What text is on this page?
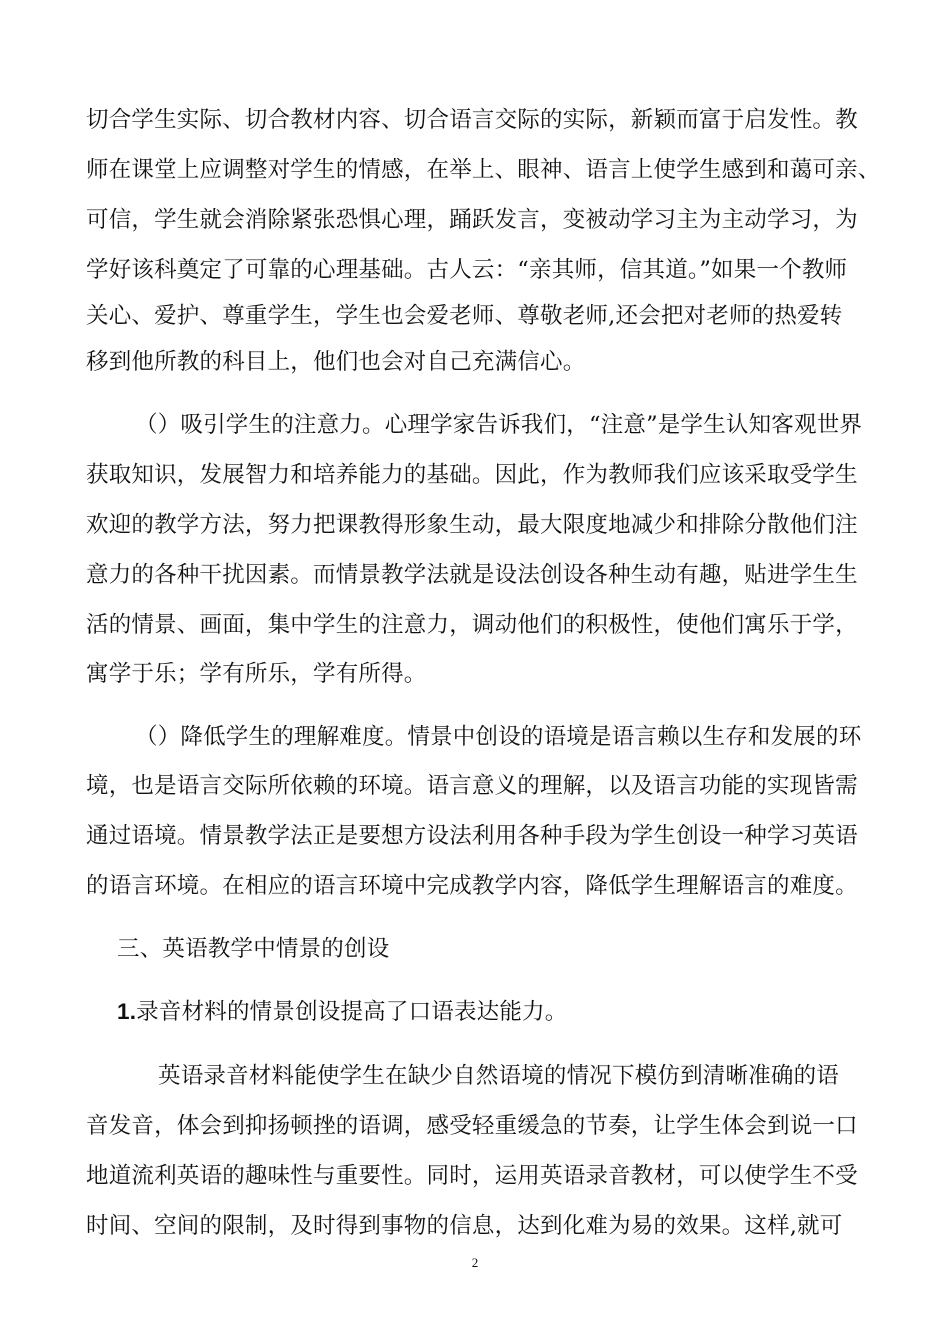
切合学生实际、切合教材内容、切合语言交际的实际，新颖而富于启发性。教
师在课堂上应调整对学生的情感，在举上、眼神、语言上使学生感到和蔼可亲、
可信，学生就会消除紧张恐惧心理，踊跃发言，变被动学习主为主动学习，为
学好该科奠定了可靠的心理基础。古人云：“亲其师，信其道。”如果一个教师
关心、爱护、尊重学生，学生也会爱老师、尊敬老师,还会把对老师的热爱转
移到他所教的科目上，他们也会对自己充满信心。
（）吸引学生的注意力。心理学家告诉我们，“注意”是学生认知客观世界
获取知识，发展智力和培养能力的基础。因此，作为教师我们应该采取受学生
欢迎的教学方法，努力把课教得形象生动，最大限度地减少和排除分散他们注
意力的各种干扰因素。而情景教学法就是设法创设各种生动有趣，贴进学生生
活的情景、画面，集中学生的注意力，调动他们的积极性，使他们寓乐于学，
寓学于乐；学有所乐，学有所得。
（）降低学生的理解难度。情景中创设的语境是语言赖以生存和发展的环
境，也是语言交际所依赖的环境。语言意义的理解，以及语言功能的实现皆需
通过语境。情景教学法正是要想方设法利用各种手段为学生创设一种学习英语
的语言环境。在相应的语言环境中完成教学内容，降低学生理解语言的难度。
三、英语教学中情景的创设
1.录音材料的情景创设提高了口语表达能力。
英语录音材料能使学生在缺少自然语境的情况下模仿到清晰准确的语
音发音，体会到抑扬顿挫的语调，感受轻重缓急的节奏，让学生体会到说一口
地道流利英语的趣味性与重要性。同时，运用英语录音教材，可以使学生不受
时间、空间的限制，及时得到事物的信息，达到化难为易的效果。这样,就可
2
